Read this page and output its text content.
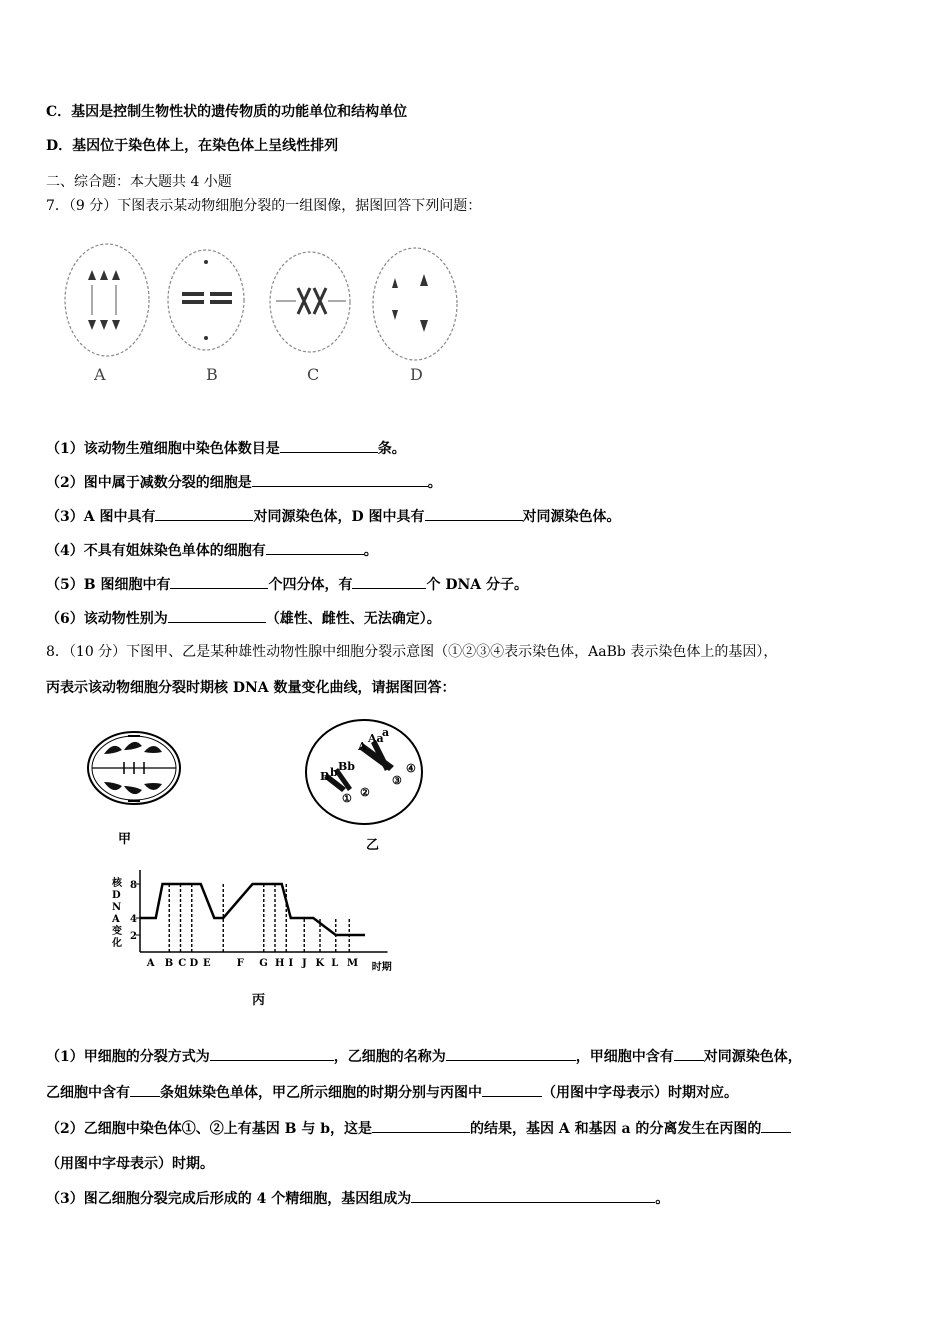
C．基因是控制生物性状的遗传物质的功能单位和结构单位
D．基因位于染色体上，在染色体上呈线性排列
二、综合题：本大题共 4 小题
7．（9 分）下图表示某动物细胞分裂的一组图像，据图回答下列问题：
A	B	C	D
（1）该动物生殖细胞中染色体数目是	条。
（2）图中属于减数分裂的细胞是	。
（3）A 图中具有	对同源染色体，D 图中具有	对同源染色体。
（4）不具有姐妹染色单体的细胞有	。
（5）B 图细胞中有	个四分体，有	个 DNA 分子。
（6）该动物性别为	（雄性、雌性、无法确定）。
8．（10 分）下图甲、乙是某种雄性动物性腺中细胞分裂示意图（①②③④表示染色体，AaBb 表示染色体上的基因），
丙表示该动物细胞分裂时期核 DNA 数量变化曲线，请据图回答：
甲
B b Bb
A
Aa
a
① ②
③
④
乙
2
4
8
核
D
N
A
变
化
A B C D E	F G H I J K L M 时期
丙
（1）甲细胞的分裂方式为	，乙细胞的名称为	，甲细胞中含有 对同源染色体，
乙细胞中含有 条姐妹染色单体，甲乙所示细胞的时期分别与丙图中	（用图中字母表示）时期对应。
（2）乙细胞中染色体①、②上有基因 B 与 b，这是	的结果，基因 A 和基因 a 的分离发生在丙图的
（用图中字母表示）时期。
（3）图乙细胞分裂完成后形成的 4 个精细胞，基因组成为	。
